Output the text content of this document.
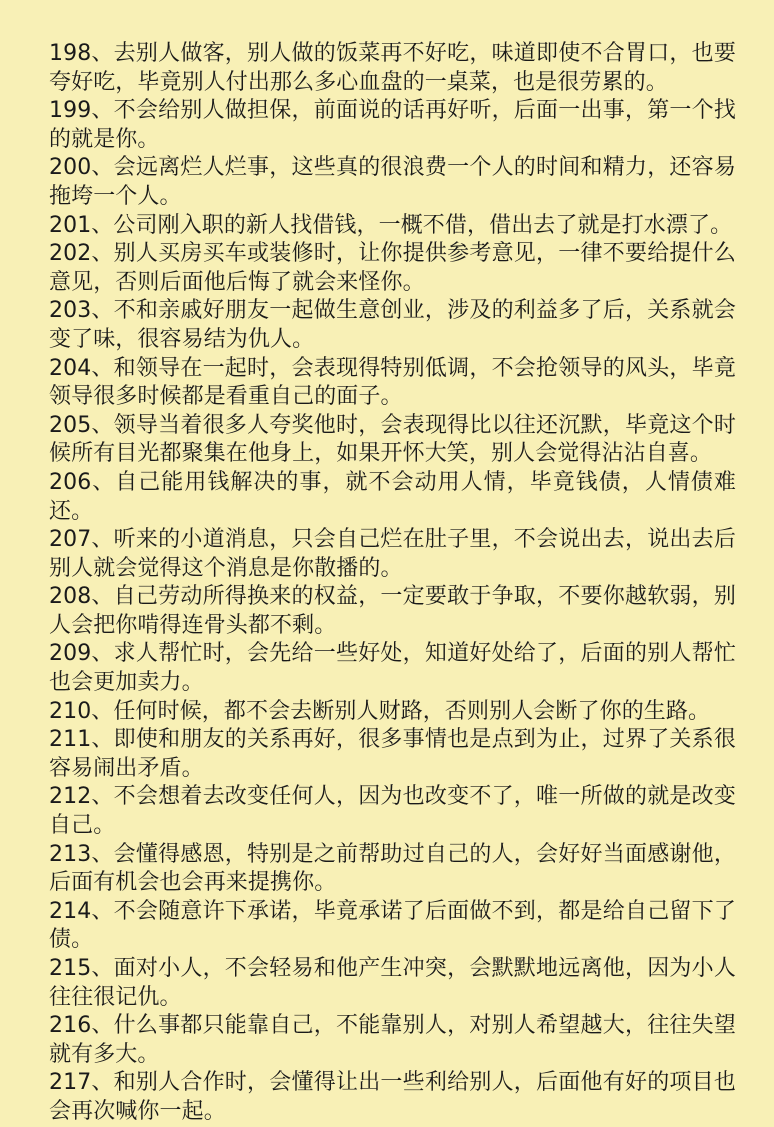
198、去别人做客，别人做的饭菜再不好吃，味道即使不合胃口，也要夸好吃，毕竟别人付出那么多心血盘的一桌菜，也是很劳累的。
199、不会给别人做担保，前面说的话再好听，后面一出事，第一个找的就是你。
200、会远离烂人烂事，这些真的很浪费一个人的时间和精力，还容易拖垮一个人。
201、公司刚入职的新人找借钱，一概不借，借出去了就是打水漂了。
202、别人买房买车或装修时，让你提供参考意见，一律不要给提什么意见，否则后面他后悔了就会来怪你。
203、不和亲戚好朋友一起做生意创业，涉及的利益多了后，关系就会变了味，很容易结为仇人。
204、和领导在一起时，会表现得特别低调，不会抢领导的风头，毕竟领导很多时候都是看重自己的面子。
205、领导当着很多人夸奖他时，会表现得比以往还沉默，毕竟这个时候所有目光都聚集在他身上，如果开怀大笑，别人会觉得沾沾自喜。
206、自己能用钱解决的事，就不会动用人情，毕竟钱债，人情债难还。
207、听来的小道消息，只会自己烂在肚子里，不会说出去，说出去后别人就会觉得这个消息是你散播的。
208、自己劳动所得换来的权益，一定要敢于争取，不要你越软弱，别人会把你啃得连骨头都不剩。
209、求人帮忙时，会先给一些好处，知道好处给了，后面的别人帮忙也会更加卖力。
210、任何时候，都不会去断别人财路，否则别人会断了你的生路。
211、即使和朋友的关系再好，很多事情也是点到为止，过界了关系很容易闹出矛盾。
212、不会想着去改变任何人，因为也改变不了，唯一所做的就是改变自己。
213、会懂得感恩，特别是之前帮助过自己的人，会好好当面感谢他，后面有机会也会再来提携你。
214、不会随意许下承诺，毕竟承诺了后面做不到，都是给自己留下了债。
215、面对小人，不会轻易和他产生冲突，会默默地远离他，因为小人往往很记仇。
216、什么事都只能靠自己，不能靠别人，对别人希望越大，往往失望就有多大。
217、和别人合作时，会懂得让出一些利给别人，后面他有好的项目也会再次喊你一起。
